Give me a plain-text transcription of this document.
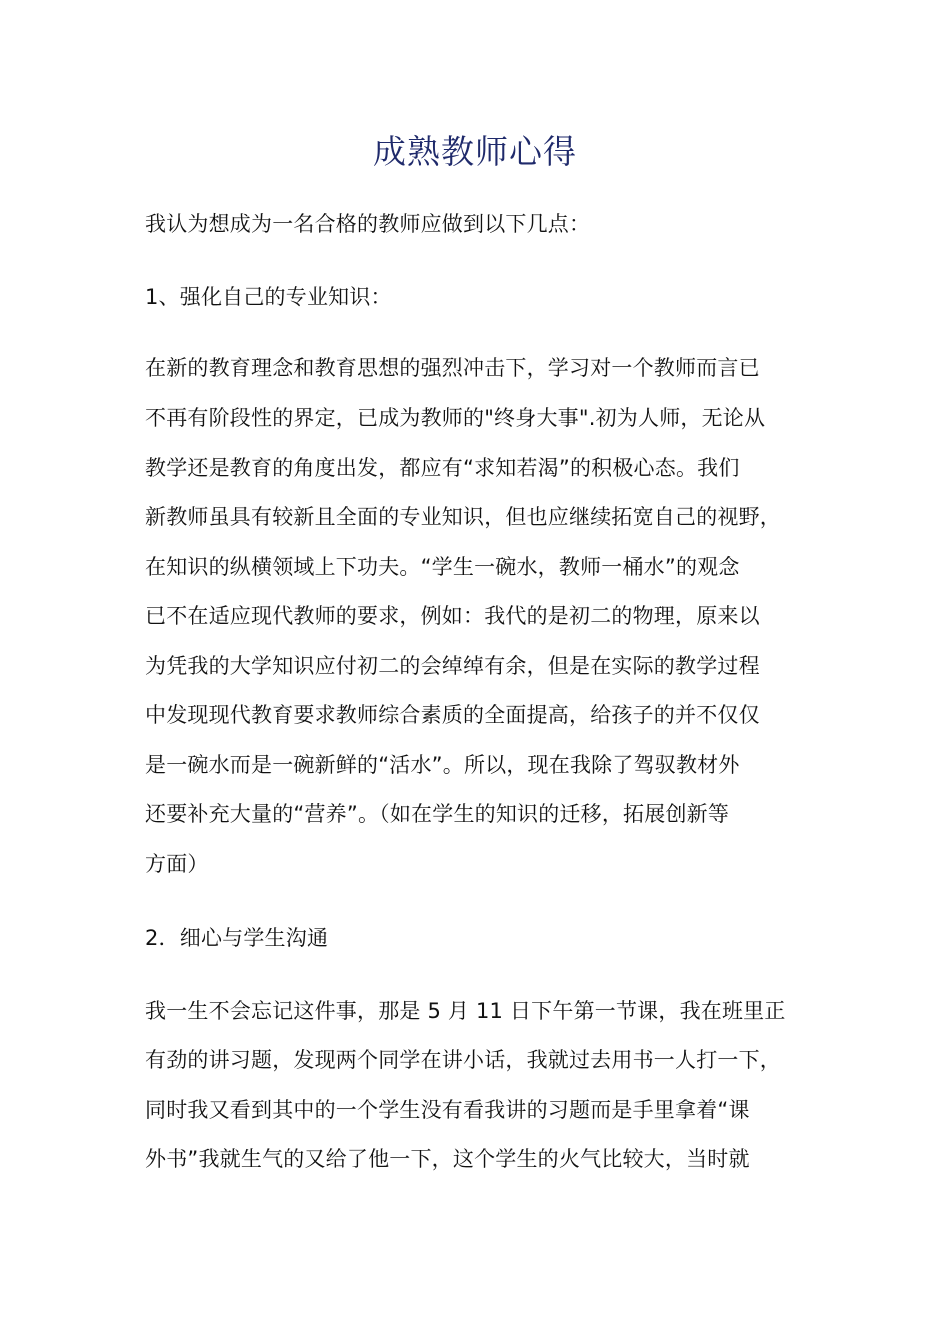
成熟教师心得
我认为想成为一名合格的教师应做到以下几点：
1、强化自己的专业知识：
在新的教育理念和教育思想的强烈冲击下，学习对一个教师而言已
不再有阶段性的界定，已成为教师的"终身大事".初为人师，无论从
教学还是教育的角度出发，都应有“求知若渴”的积极心态。我们
新教师虽具有较新且全面的专业知识，但也应继续拓宽自己的视野，
在知识的纵横领域上下功夫。“学生一碗水，教师一桶水”的观念
已不在适应现代教师的要求，例如：我代的是初二的物理，原来以
为凭我的大学知识应付初二的会绰绰有余，但是在实际的教学过程
中发现现代教育要求教师综合素质的全面提高，给孩子的并不仅仅
是一碗水而是一碗新鲜的“活水”。所以，现在我除了驾驭教材外
还要补充大量的“营养”。（如在学生的知识的迁移，拓展创新等
方面）
2．细心与学生沟通
我一生不会忘记这件事，那是 5 月 11 日下午第一节课，我在班里正
有劲的讲习题，发现两个同学在讲小话，我就过去用书一人打一下，
同时我又看到其中的一个学生没有看我讲的习题而是手里拿着“课
外书”我就生气的又给了他一下，这个学生的火气比较大，当时就
